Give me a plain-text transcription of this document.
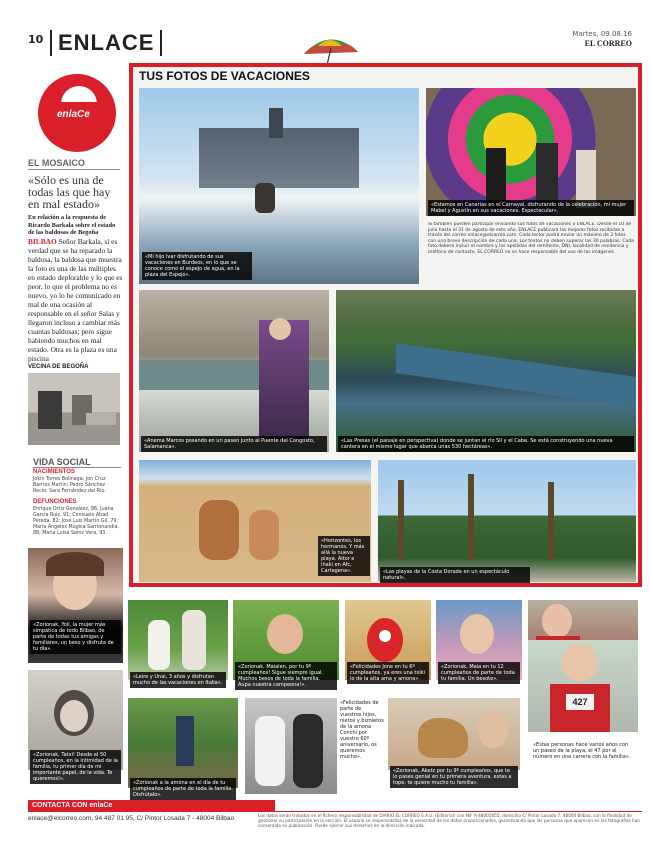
10 ENLACE	Martes, 09.08.16
EL CORREO
enlaCe
EL MOSAICO
«Sólo es una de todas las que hay en mal estado»
En relación a la respuesta de Ricardo Barkala sobre el estado de las baldosas de Begoña
BILBAO Señor Barkala, sí es verdad que se ha reparado la baldosa, la baldosa que muestra la foto es una de las múltiples en estado deplorable y lo que es peor, lo que el problema no es nuevo, yo lo he comunicado en mal de una ocasión al responsable en el señor Salas y llegaron incluso a cambiar más cuantas baldosas; pero sigue habiendo muchos en mal estado. Otra es la plaza es una piscina
VECINA DE BEGOÑA
VIDA SOCIAL
NACIMIENTOS
Jokin Torres Bolinaga; Jon Cruz Barrios Martín; Pedro Sánchez Recio; Sara Fernández del Río.
DEFUNCIONES
Enrique Ortiz González, 86; Juana García Ruiz, 91; Consuelo Abad Pereda, 82; José Luis Martín Gil, 79; María Ángeles Múgica Sarrionandia, 88; María Luisa Sainz Vera, 93.
TUS FOTOS DE VACACIONES
«Mi hijo Ivar disfrutando de sus vacaciones en Burdeos, en lo que se conoce como el espejo de agua, en la plaza del Espejo».
«Estamos en Canarias en el Carnaval, disfrutando de la celebración, mi mujer Mabel y Agustín en sus vacaciones. Espectacular».
Si también pueden participar enviando sus fotos de vacaciones a ENLACE. Desde el 10 de julio hasta el 31 de agosto de este año, ENLACE publicará las mejores fotos recibidas a través del correo enlace@elcorreo.com. Cada lector podrá enviar un máximo de 3 fotos con una breve descripción de cada una. Los textos no deben superar las 30 palabras. Cada foto deberá incluir el nombre y los apellidos del remitente, DNI, localidad de residencia y teléfono de contacto. EL CORREO no se hace responsable del uso de las imágenes.
«Anema Marcos posando en un paseo junto al Puente del Congosto, Salamanca».
«Las Presas (el paisaje en perspectiva) donde se juntan el río Sil y el Cabe. Se está construyendo una nueva cantera en el mismo lugar que abarca unas 530 hectáreas».
«Horizontes, los hermanos. Y más allá la nueva playa. Aitor e Iñaki en Afc, Cartagena».	«Las playas de la Costa Dorada en un espectáculo natural».
«Zorionak, Yoli, la mujer más simpática de todo Bilbao, de parte de todas tus amigas y familiares, un beso y disfruta de tu día».
«Leire y Unai, 3 años y disfrutan mucho de las vacaciones en Italia».
«Zorionak, Maialen, por tu 9º cumpleaños! Sigue siempre igual. Muchos besos de toda la familia. Aupa nuestra campeona!».
«Felicidades Jone en tu 6º cumpleaños, ya eres una txiki lo de la aita ama y amona».
«Zorionak, Maia en tu 12 cumpleaños de parte de toda tu familia. Un besote».
«Zorionak, Tatxi! Desde el 50 cumpleaños, en la intimidad de la familia, tu primer día de mi importante papel, de la vida. Te queremos!».
«Zorionak a la amona en el día de tu cumpleaños de parte de toda la familia. Disfrútalo».
«Felicidades de parte de vuestros hijos, nietos y biznietos de la amona Conchi por vuestro 60º aniversario, os queremos mucho».
«Zorionak, Aketz por tu 9º cumpleaños, que te lo pases genial en tu primera aventura, estas a tope, te quiere mucho tu familia».
427
«Estas personas hace varios años con un paseo de la playa, el 47 por el número en una carrera con la familia».
CONTACTA CON enlaCe
enlace@elcorreo.com, 94 487 01 95, C/ Pintor Losada 7 - 48004 Bilbao	Los datos serán tratados en el fichero responsabilidad de DIARIO EL CORREO S.A.U. (Editorial) con NIF A-48001655, domicilio C/ Pintor Losada 7, 48004 Bilbao, con la finalidad de gestionar su participación en la sección. El usuario se responsabiliza de la veracidad de los datos proporcionados, garantizando que las personas que aparecen en las fotografías han consentido su publicación. Puede ejercer sus derechos en la dirección indicada.
